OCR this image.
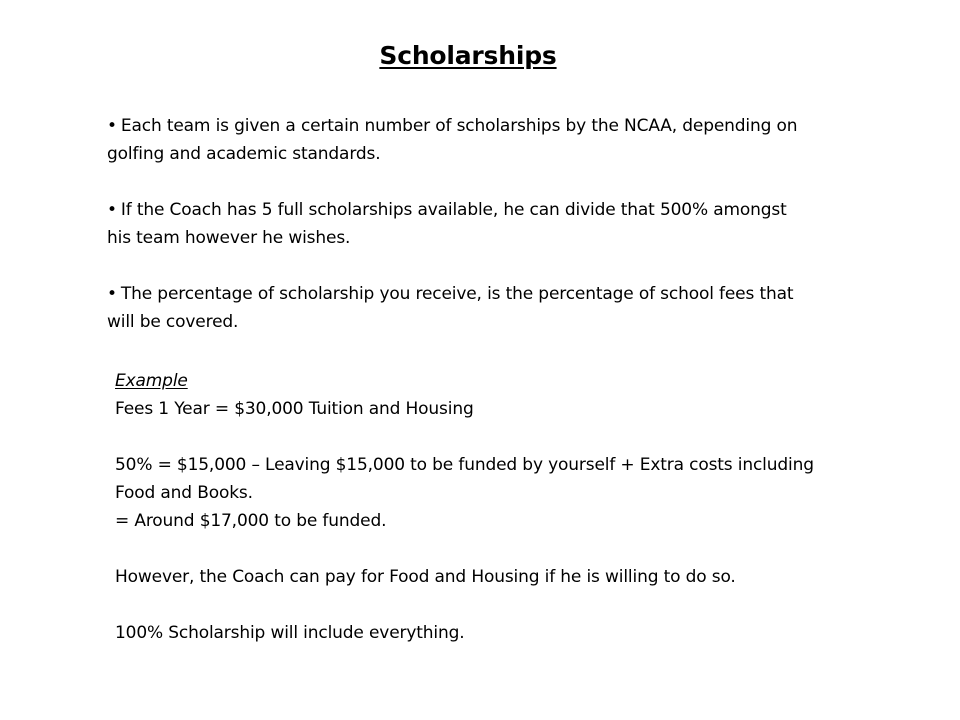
Scholarships

• Each team is given a certain number of scholarships by the NCAA, depending on golfing and academic standards.

• If the Coach has 5 full scholarships available, he can divide that 500% amongst his team however he wishes.

• The percentage of scholarship you receive, is the percentage of school fees that will be covered.

Example

Fees 1 Year = $30,000 Tuition and Housing

50% = $15,000 – Leaving $15,000 to be funded by yourself + Extra costs including Food and Books.

= Around $17,000 to be funded.

However, the Coach can pay for Food and Housing if he is willing to do so.

100% Scholarship will include everything.
